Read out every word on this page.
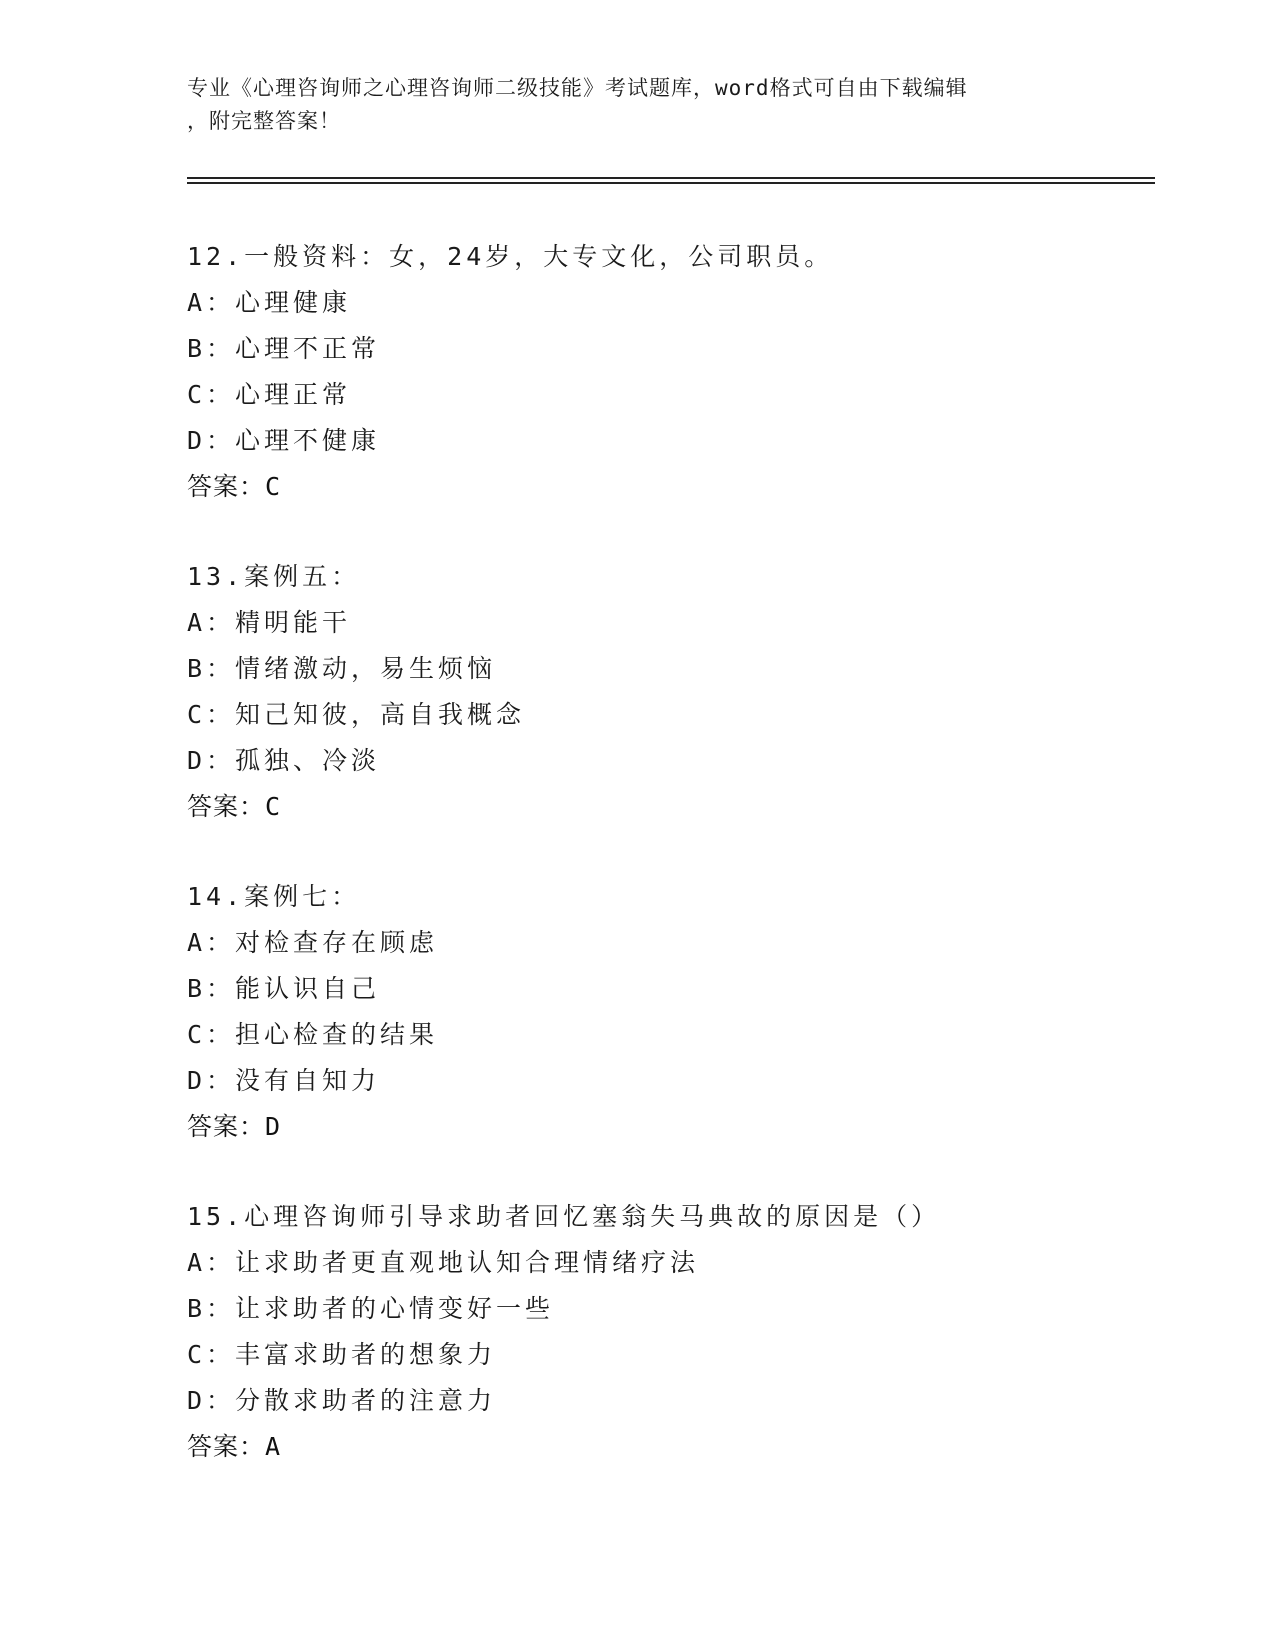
专业《心理咨询师之心理咨询师二级技能》考试题库，word格式可自由下载编辑
，附完整答案！
12.一般资料：女，24岁，大专文化，公司职员。
A：心理健康
B：心理不正常
C：心理正常
D：心理不健康
答案：C
13.案例五：
A：精明能干
B：情绪激动，易生烦恼
C：知己知彼，高自我概念
D：孤独、冷淡
答案：C
14.案例七：
A：对检查存在顾虑
B：能认识自己
C：担心检查的结果
D：没有自知力
答案：D
15.心理咨询师引导求助者回忆塞翁失马典故的原因是（）
A：让求助者更直观地认知合理情绪疗法
B：让求助者的心情变好一些
C：丰富求助者的想象力
D：分散求助者的注意力
答案：A
